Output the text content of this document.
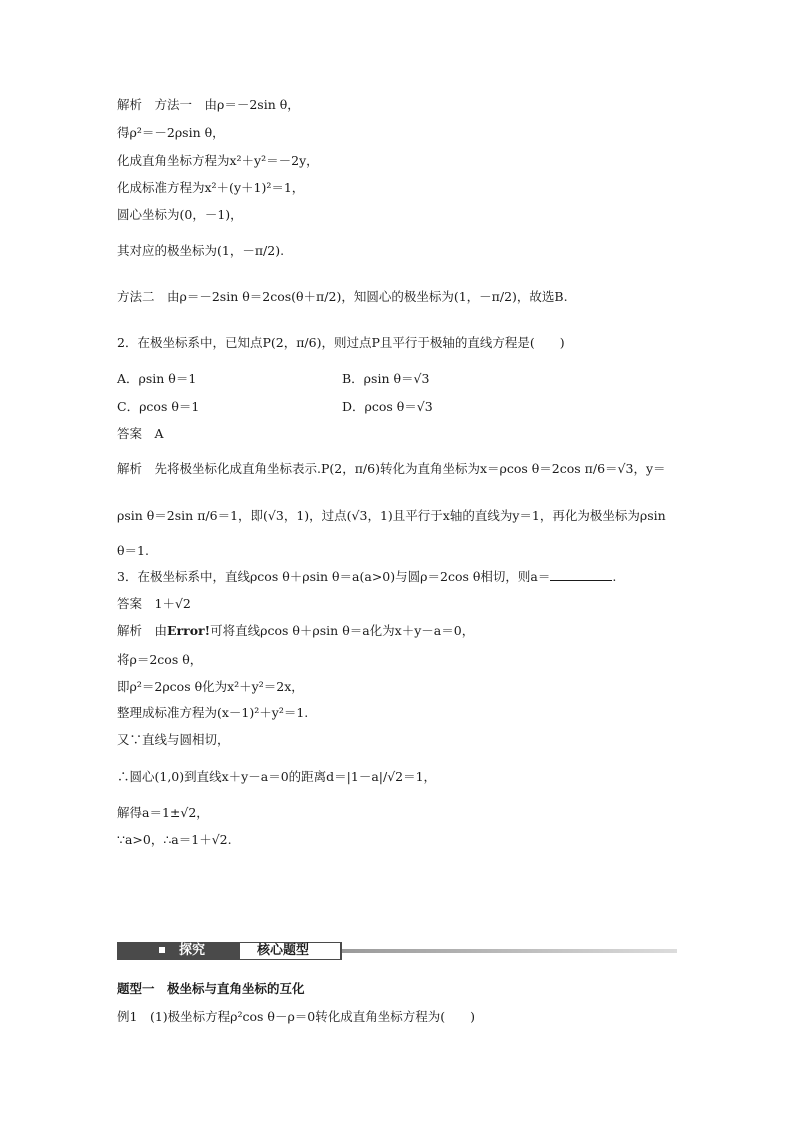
解析　方法一　由ρ＝－2sin θ，
得ρ²＝－2ρsin θ，
化成直角坐标方程为x²＋y²＝－2y，
化成标准方程为x²＋(y＋1)²＝1，
圆心坐标为(0，－1)，
其对应的极坐标为(1，－π/2).
方法二　由ρ＝－2sin θ＝2cos(θ＋π/2)，知圆心的极坐标为(1，－π/2)，故选B.
2．在极坐标系中，已知点P(2，π/6)，则过点P且平行于极轴的直线方程是(　　)
A．ρsin θ＝1	B．ρsin θ＝√3
C．ρcos θ＝1	D．ρcos θ＝√3
答案　A
解析　先将极坐标化成直角坐标表示.P(2，π/6)转化为直角坐标为x＝ρcos θ＝2cos π/6＝√3，y＝
ρsin θ＝2sin π/6＝1，即(√3，1)，过点(√3，1)且平行于x轴的直线为y＝1，再化为极坐标为ρsin
θ＝1.
3．在极坐标系中，直线ρcos θ＋ρsin θ＝a(a>0)与圆ρ＝2cos θ相切，则a＝	.
答案　1＋√2
解析　由Error!可将直线ρcos θ＋ρsin θ＝a化为x＋y－a＝0，
将ρ＝2cos θ，
即ρ²＝2ρcos θ化为x²＋y²＝2x，
整理成标准方程为(x－1)²＋y²＝1.
又∵直线与圆相切，
∴圆心(1,0)到直线x＋y－a＝0的距离d＝|1－a|/√2＝1，
解得a＝1±√2，
∵a>0，∴a＝1＋√2.
探究	核心题型
题型一　极坐标与直角坐标的互化
例1　(1)极坐标方程ρ²cos θ－ρ＝0转化成直角坐标方程为(　　)
